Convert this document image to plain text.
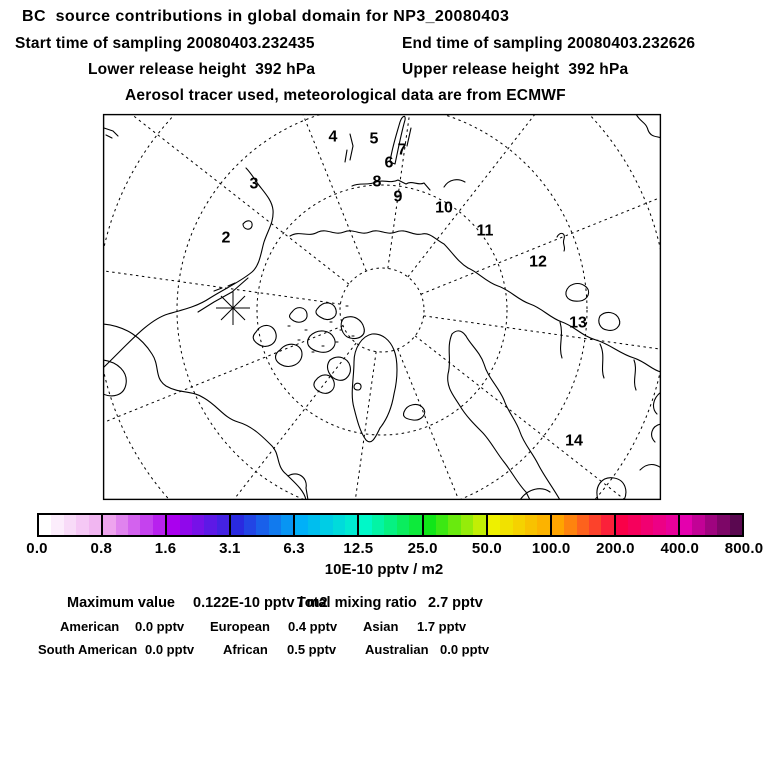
BC  source contributions in global domain for NP3_20080403
Start time of sampling 20080403.232435	End time of sampling 20080403.232626
Lower release height  392 hPa	Upper release height  392 hPa
Aerosol tracer used, meteorological data are from ECMWF
2
3
4 5
6
7
8
9
10
11
12
13
14
0.0	0.8	1.6	3.1	6.3	12.5 25.0 50.0 100.0 200.0 400.0 800.0
10E-10 pptv / m2
Maximum value 0.122E-10 pptv / m2
Total mixing ratio 2.7 pptv
American 0.0 pptv European 0.4 pptv Asian 1.7 pptv
South American 0.0 pptv African 0.5 pptv Australian 0.0 pptv
